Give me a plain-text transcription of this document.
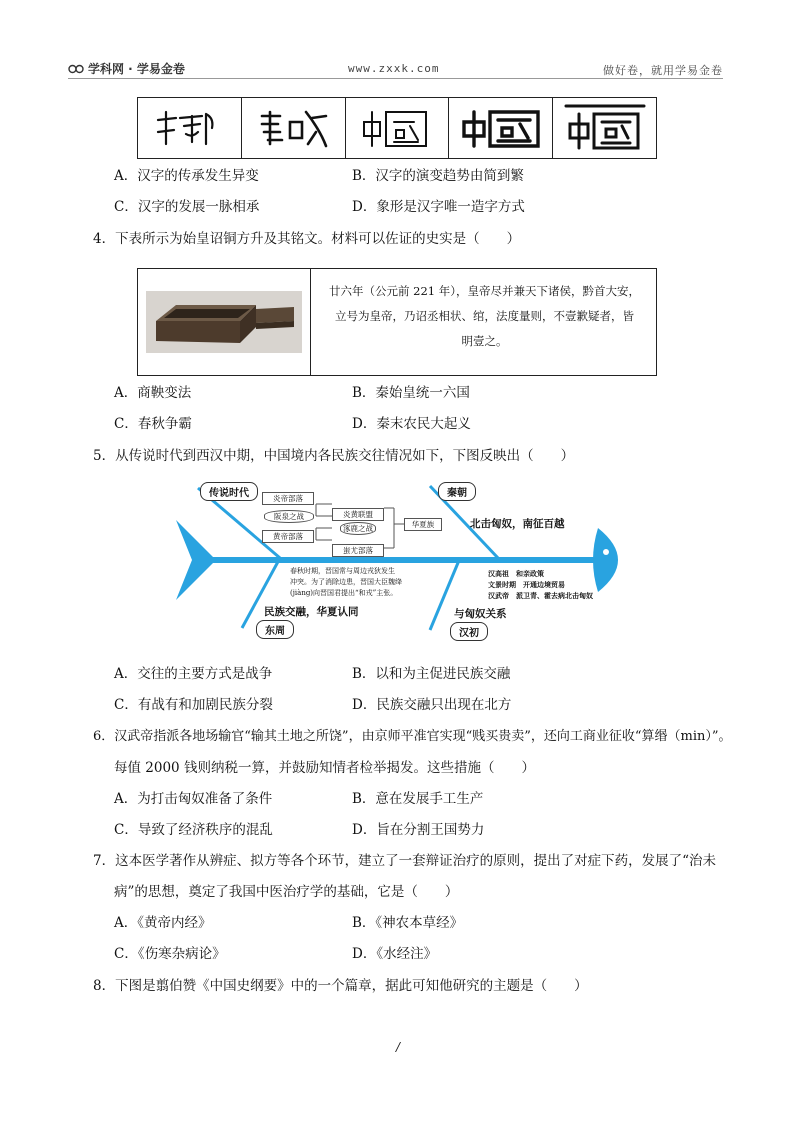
学科网 · 学易金卷	www.zxxk.com	做好卷，就用学易金卷
A．汉字的传承发生异变	B．汉字的演变趋势由简到繁
C．汉字的发展一脉相承	D．象形是汉字唯一造字方式
4．下表所示为始皇诏铜方升及其铭文。材料可以佐证的史实是（　　）
廿六年（公元前 221 年），皇帝尽并兼天下诸侯，黔首大安，
立号为皇帝，乃诏丞相状、绾，法度量则，不壹歉疑者，皆
明壹之。
A．商鞅变法	B．秦始皇统一六国
C．春秋争霸	D．秦末农民大起义
5．从传说时代到西汉中期，中国境内各民族交往情况如下，下图反映出（　　）
传说时代	秦朝
北击匈奴，南征百越
炎帝部落
阪泉之战
黄帝部落
炎黄联盟
涿鹿之战
蚩尤部落
华夏族
春秋时期，晋国常与周边戎狄发生
冲突。为了消除边患，晋国大臣魏绛
(jiàng)向晋国君提出“和戎”主张。
民族交融，华夏认同
东周
汉高祖　和亲政策
文景时期　开通边境贸易
汉武帝　派卫青、霍去病北击匈奴
与匈奴关系
汉初
A．交往的主要方式是战争	B．以和为主促进民族交融
C．有战有和加剧民族分裂	D．民族交融只出现在北方
6．汉武帝指派各地场输官“输其土地之所饶”，由京师平准官实现“贱买贵卖”，还向工商业征收“算缗（min）”。
每值 2000 钱则纳税一算，并鼓励知情者检举揭发。这些措施（　　）
A．为打击匈奴准备了条件	B．意在发展手工生产
C．导致了经济秩序的混乱	D．旨在分割王国势力
7．这本医学著作从辨症、拟方等各个环节，建立了一套辩证治疗的原则，提出了对症下药，发展了“治未
病”的思想，奠定了我国中医治疗学的基础，它是（　　）
A．《黄帝内经》	B．《神农本草经》
C．《伤寒杂病论》	D．《水经注》
8．下图是翦伯赞《中国史纲要》中的一个篇章，据此可知他研究的主题是（　　）
/
